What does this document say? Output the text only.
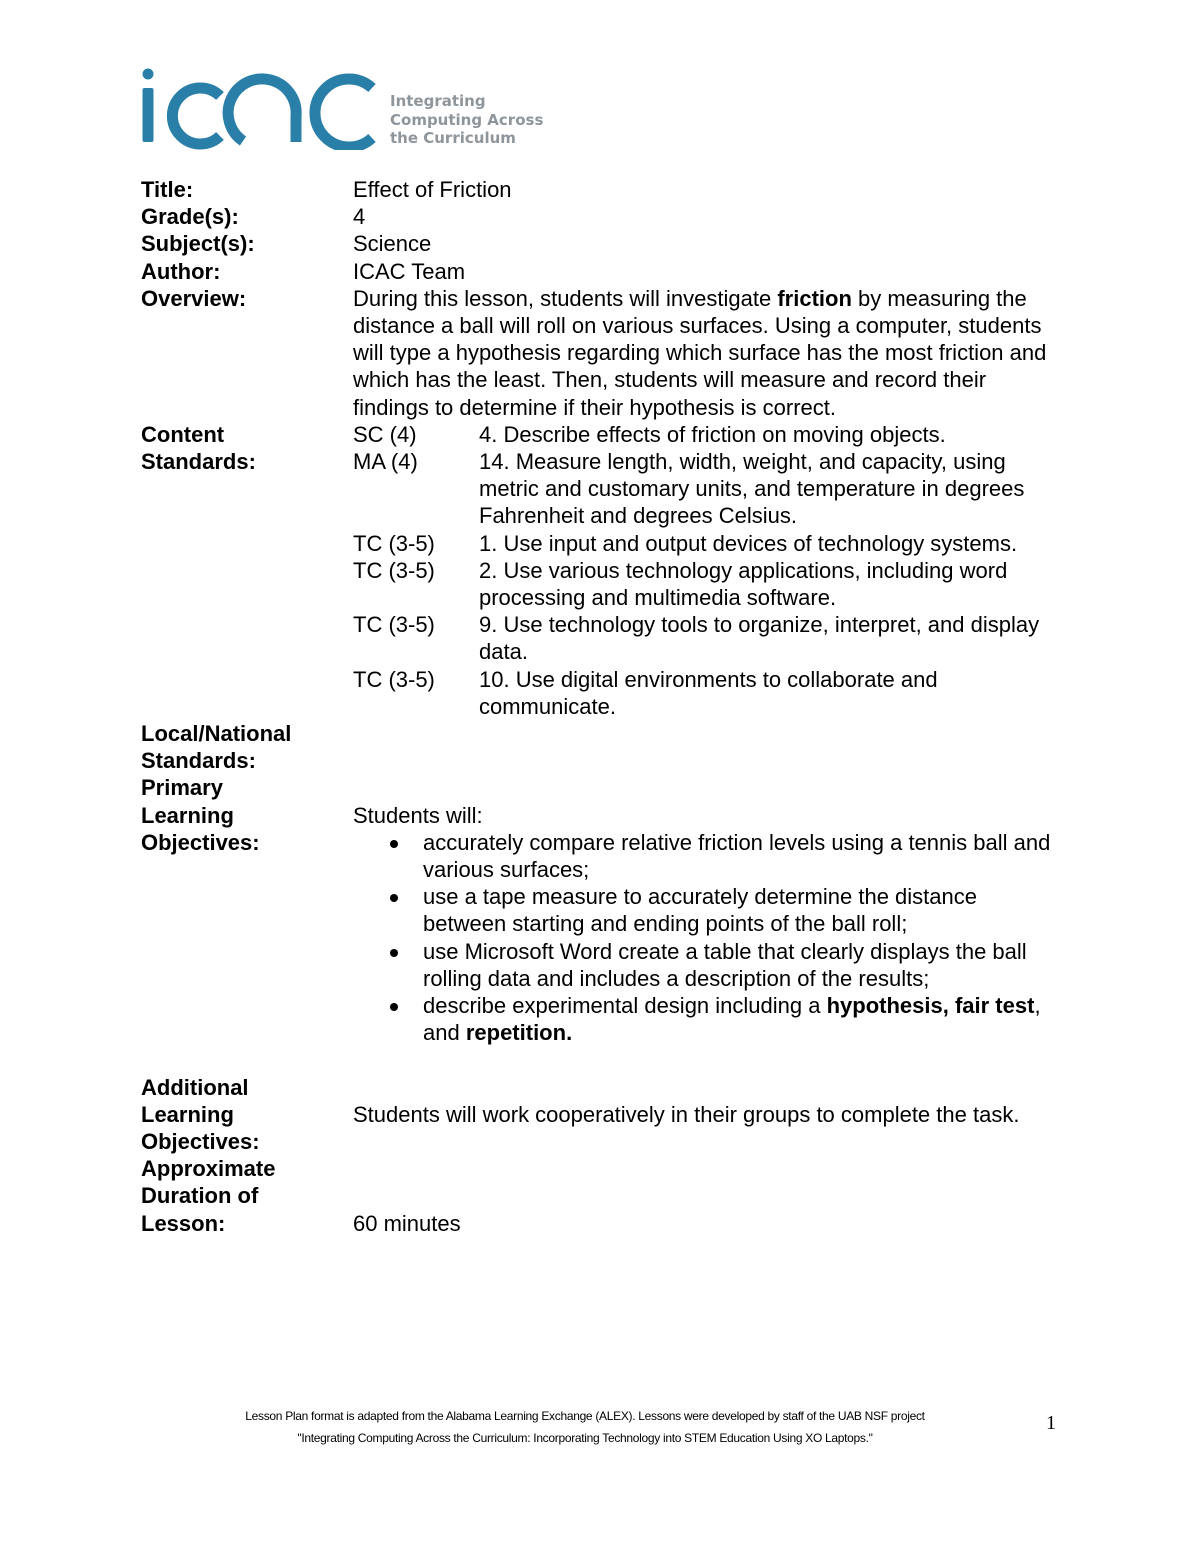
Integrating
Computing Across
the Curriculum
Title:	Effect of Friction
Grade(s):	4
Subject(s):	Science
Author:	ICAC Team
Overview:	During this lesson, students will investigate friction by measuring the distance a ball will roll on various surfaces. Using a computer, students will type a hypothesis regarding which surface has the most friction and which has the least. Then, students will measure and record their findings to determine if their hypothesis is correct.
Content
Standards:
SC (4)	4. Describe effects of friction on moving objects.
MA (4)	14. Measure length, width, weight, and capacity, using metric and customary units, and temperature in degrees Fahrenheit and degrees Celsius.
TC (3-5)	1. Use input and output devices of technology systems.
TC (3-5)	2. Use various technology applications, including word processing and multimedia software.
TC (3-5)	9. Use technology tools to organize, interpret, and display data.
TC (3-5)	10. Use digital environments to collaborate and communicate.
Local/National
Standards:
Primary
Learning
Objectives:
Students will:
accurately compare relative friction levels using a tennis ball and various surfaces;
use a tape measure to accurately determine the distance between starting and ending points of the ball roll;
use Microsoft Word create a table that clearly displays the ball rolling data and includes a description of the results;
describe experimental design including a hypothesis, fair test, and repetition.
Additional
Learning
Objectives:
Students will work cooperatively in their groups to complete the task.
Approximate
Duration of
Lesson:	60 minutes
Lesson Plan format is adapted from the Alabama Learning Exchange (ALEX). Lessons were developed by staff of the UAB NSF project
"Integrating Computing Across the Curriculum: Incorporating Technology into STEM Education Using XO Laptops."
1
